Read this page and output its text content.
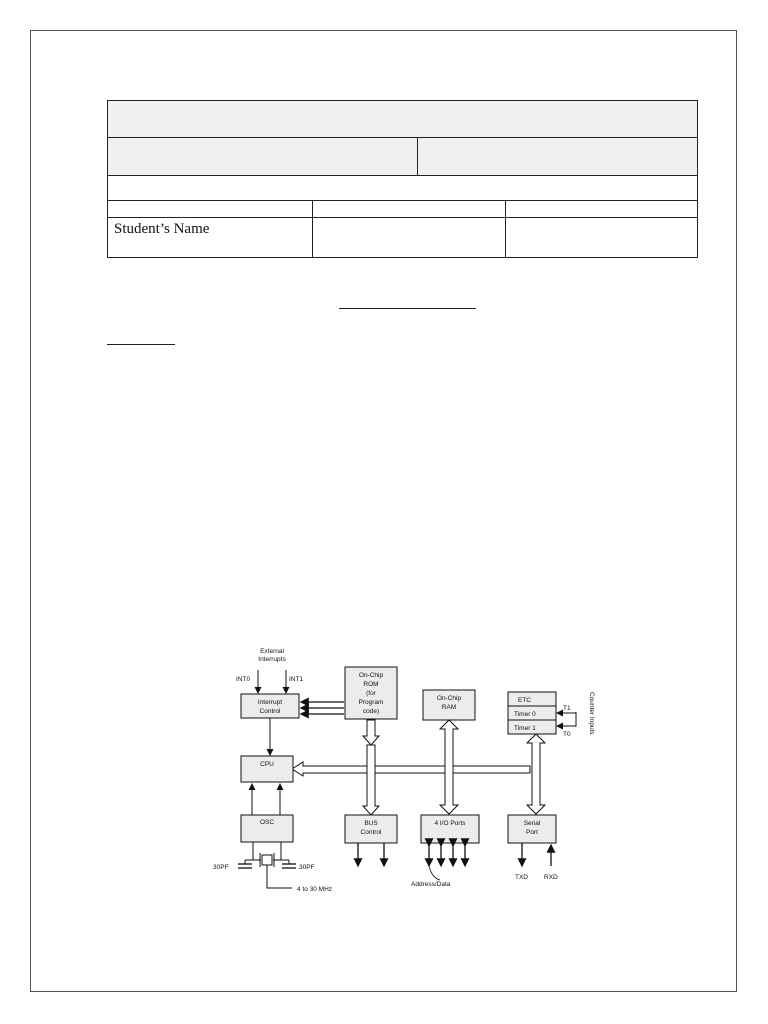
Student’s Name			
External
Interrupts
INT0	INT1
Interrupt
Control
On-Chip
ROM
(for
Program
code)
On-Chip
RAM
ETC
Timer 0
Timer 1
T1
T0	Counter Inputs
CPU
OSC
30PF	30PF
4 to 30 MHz
BUS
Control
4 I/O Ports
Address/Data
Serial
Port
TXD RXD
